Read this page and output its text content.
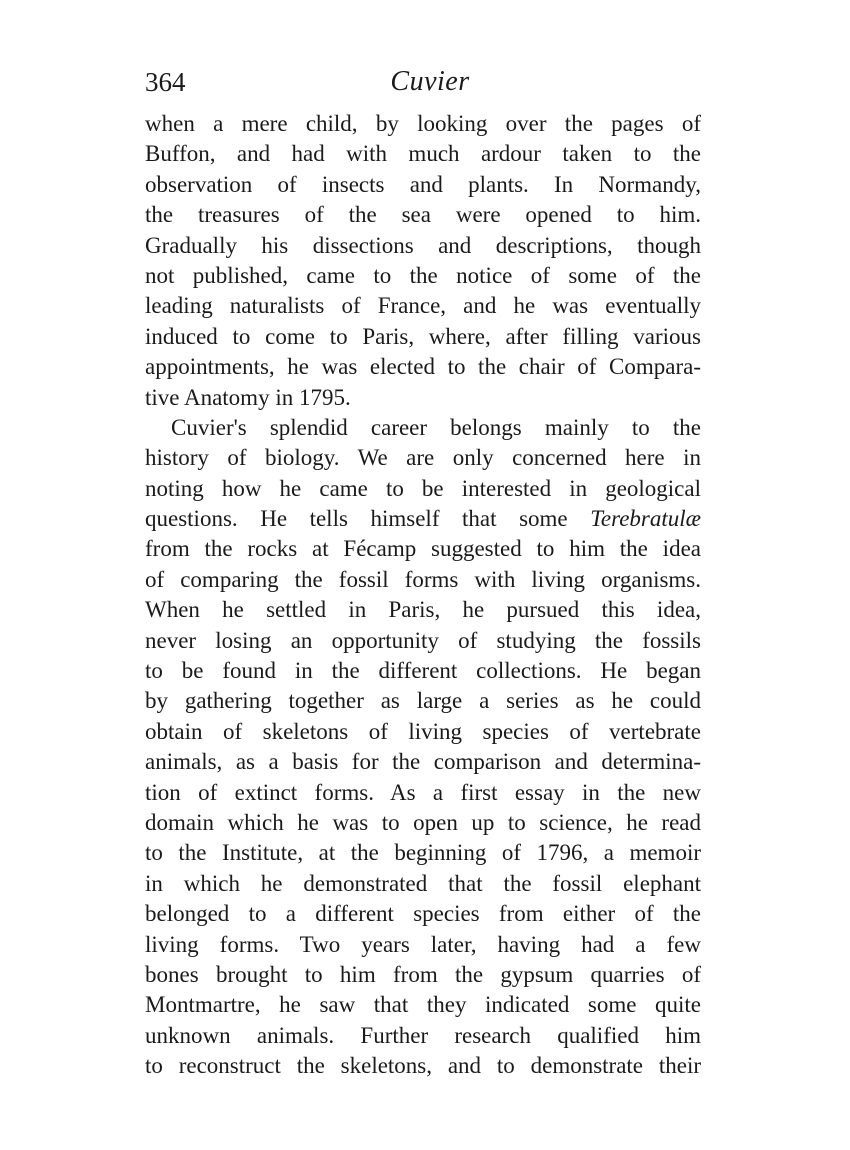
364	Cuvier
when a mere child, by looking over the pages of
Buffon, and had with much ardour taken to the
observation of insects and plants. In Normandy,
the treasures of the sea were opened to him.
Gradually his dissections and descriptions, though
not published, came to the notice of some of the
leading naturalists of France, and he was eventually
induced to come to Paris, where, after filling various
appointments, he was elected to the chair of Compara-
tive Anatomy in 1795.
Cuvier's splendid career belongs mainly to the
history of biology. We are only concerned here in
noting how he came to be interested in geological
questions. He tells himself that some Terebratulæ
from the rocks at Fécamp suggested to him the idea
of comparing the fossil forms with living organisms.
When he settled in Paris, he pursued this idea,
never losing an opportunity of studying the fossils
to be found in the different collections. He began
by gathering together as large a series as he could
obtain of skeletons of living species of vertebrate
animals, as a basis for the comparison and determina-
tion of extinct forms. As a first essay in the new
domain which he was to open up to science, he read
to the Institute, at the beginning of 1796, a memoir
in which he demonstrated that the fossil elephant
belonged to a different species from either of the
living forms. Two years later, having had a few
bones brought to him from the gypsum quarries of
Montmartre, he saw that they indicated some quite
unknown animals. Further research qualified him
to reconstruct the skeletons, and to demonstrate their
